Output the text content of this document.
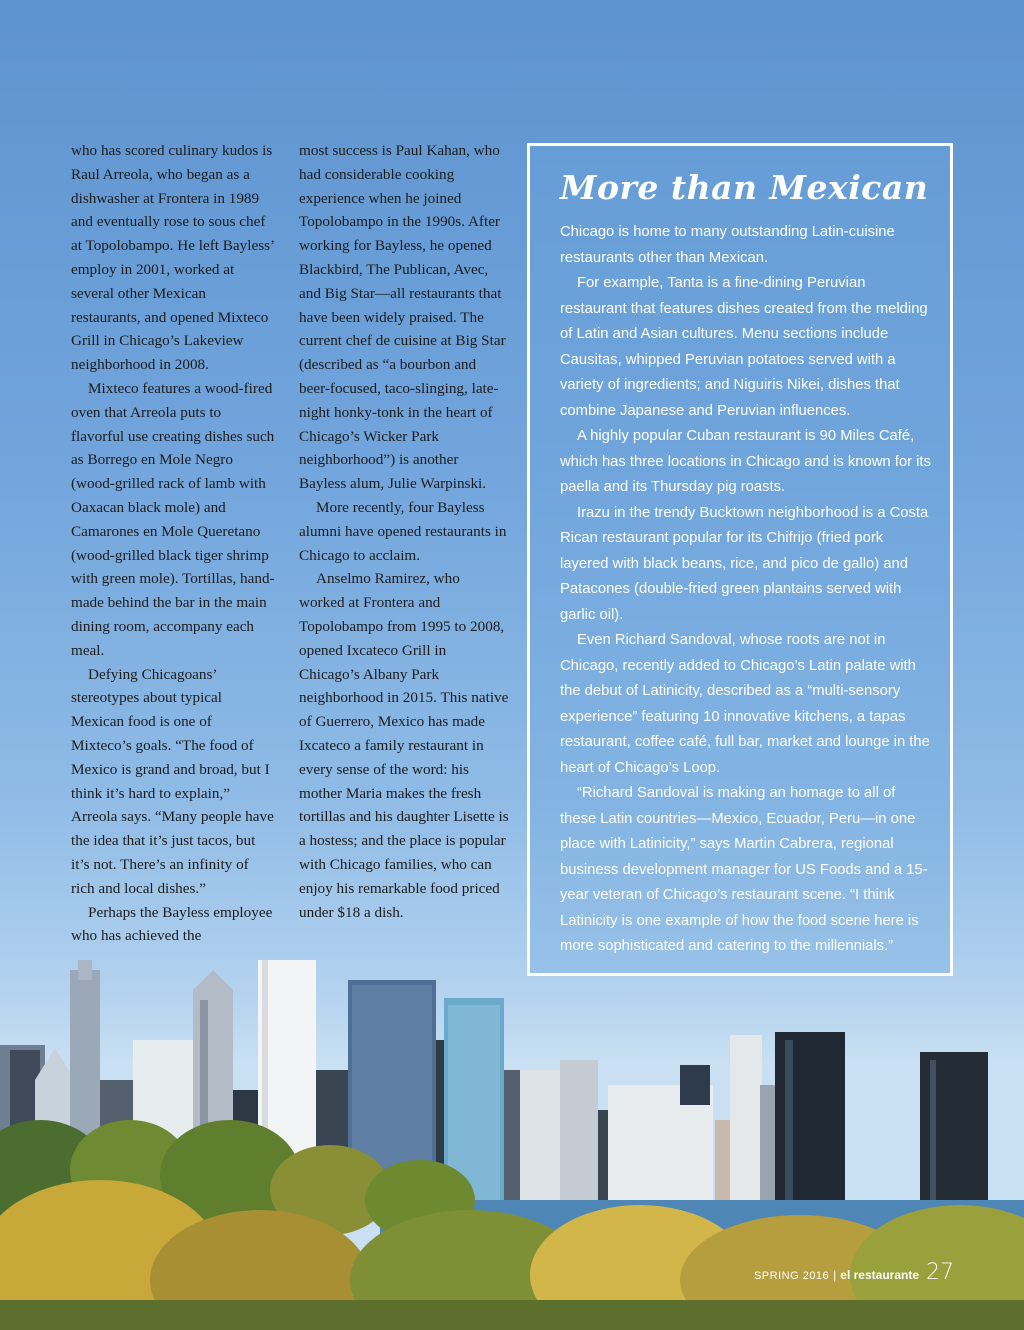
who has scored culinary kudos is Raul Arreola, who began as a dishwasher at Frontera in 1989 and eventually rose to sous chef at Topolobampo. He left Bayless’ employ in 2001, worked at several other Mexican restaurants, and opened Mixteco Grill in Chicago’s Lakeview neighborhood in 2008.

Mixteco features a wood-fired oven that Arreola puts to flavorful use creating dishes such as Borrego en Mole Negro (wood-grilled rack of lamb with Oaxacan black mole) and Camarones en Mole Queretano (wood-grilled black tiger shrimp with green mole). Tortillas, hand-made behind the bar in the main dining room, accompany each meal.

Defying Chicagoans’ stereotypes about typical Mexican food is one of Mixteco’s goals. “The food of Mexico is grand and broad, but I think it’s hard to explain,” Arreola says. “Many people have the idea that it’s just tacos, but it’s not. There’s an infinity of rich and local dishes.”

Perhaps the Bayless employee who has achieved the

most success is Paul Kahan, who had considerable cooking experience when he joined Topolobampo in the 1990s. After working for Bayless, he opened Blackbird, The Publican, Avec, and Big Star—all restaurants that have been widely praised. The current chef de cuisine at Big Star (described as “a bourbon and beer-focused, taco-slinging, late-night honky-tonk in the heart of Chicago’s Wicker Park neighborhood”) is another Bayless alum, Julie Warpinski.

More recently, four Bayless alumni have opened restaurants in Chicago to acclaim.

Anselmo Ramirez, who worked at Frontera and Topolobampo from 1995 to 2008, opened Ixcateco Grill in Chicago’s Albany Park neighborhood in 2015. This native of Guerrero, Mexico has made Ixcateco a family restaurant in every sense of the word: his mother Maria makes the fresh tortillas and his daughter Lisette is a hostess; and the place is popular with Chicago families, who can enjoy his remarkable food priced under $18 a dish.

More than Mexican

Chicago is home to many outstanding Latin-cuisine restaurants other than Mexican.

For example, Tanta is a fine-dining Peruvian restaurant that features dishes created from the melding of Latin and Asian cultures. Menu sections include Causitas, whipped Peruvian potatoes served with a variety of ingredients; and Niguiris Nikei, dishes that combine Japanese and Peruvian influences.

A highly popular Cuban restaurant is 90 Miles Café, which has three locations in Chicago and is known for its paella and its Thursday pig roasts.

Irazu in the trendy Bucktown neighborhood is a Costa Rican restaurant popular for its Chifrijo (fried pork layered with black beans, rice, and pico de gallo) and Patacones (double-fried green plantains served with garlic oil).

Even Richard Sandoval, whose roots are not in Chicago, recently added to Chicago’s Latin palate with the debut of Latinicity, described as a “multi-sensory experience” featuring 10 innovative kitchens, a tapas restaurant, coffee café, full bar, market and lounge in the heart of Chicago’s Loop.

“Richard Sandoval is making an homage to all of these Latin countries—Mexico, Ecuador, Peru—in one place with Latinicity,” says Martin Cabrera, regional business development manager for US Foods and a 15-year veteran of Chicago’s restaurant scene. “I think Latinicity is one example of how the food scene here is more sophisticated and catering to the millennials.”

SPRING 2016 | el restaurante 27
